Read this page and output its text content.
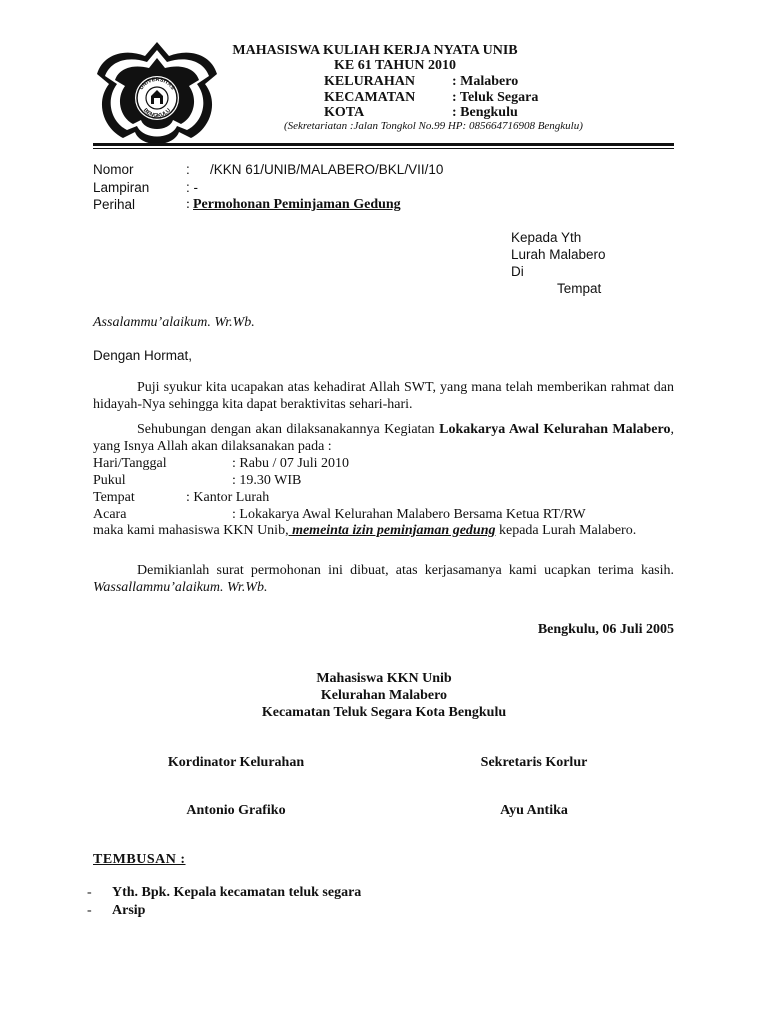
UNIVERSITAS
BENGKULU
MAHASISWA KULIAH KERJA NYATA UNIB
KE 61 TAHUN 2010
KELURAHAN	: Malabero
KECAMATAN	: Teluk Segara
KOTA	: Bengkulu
(Sekretariatan :Jalan Tongkol No.99 HP: 085664716908 Bengkulu)
Nomor	: /KKN 61/UNIB/MALABERO/BKL/VII/10
Lampiran	: -
Perihal	: Permohonan Peminjaman Gedung
Kepada Yth
Lurah Malabero
Di
Tempat
Assalammu’alaikum. Wr.Wb.
Dengan Hormat,
Puji syukur kita ucapakan atas kehadirat Allah SWT, yang mana telah memberikan rahmat dan hidayah-Nya sehingga kita dapat beraktivitas sehari-hari.
Sehubungan dengan akan dilaksanakannya Kegiatan Lokakarya Awal Kelurahan Malabero, yang Isnya Allah akan dilaksanakan pada :
Hari/Tanggal	: Rabu / 07 Juli 2010
Pukul	: 19.30 WIB
Tempat	: Kantor Lurah
Acara	: Lokakarya Awal Kelurahan Malabero Bersama Ketua RT/RW
maka kami mahasiswa KKN Unib, memeinta izin peminjaman gedung kepada Lurah Malabero.
Demikianlah surat permohonan ini dibuat, atas kerjasamanya kami ucapkan terima kasih. Wassallammu’alaikum. Wr.Wb.
Bengkulu, 06 Juli 2005
Mahasiswa KKN Unib
Kelurahan Malabero
Kecamatan Teluk Segara Kota Bengkulu
Kordinator Kelurahan	Sekretaris Korlur
Antonio Grafiko	Ayu Antika
TEMBUSAN :
- Yth. Bpk. Kepala kecamatan teluk segara
- Arsip
